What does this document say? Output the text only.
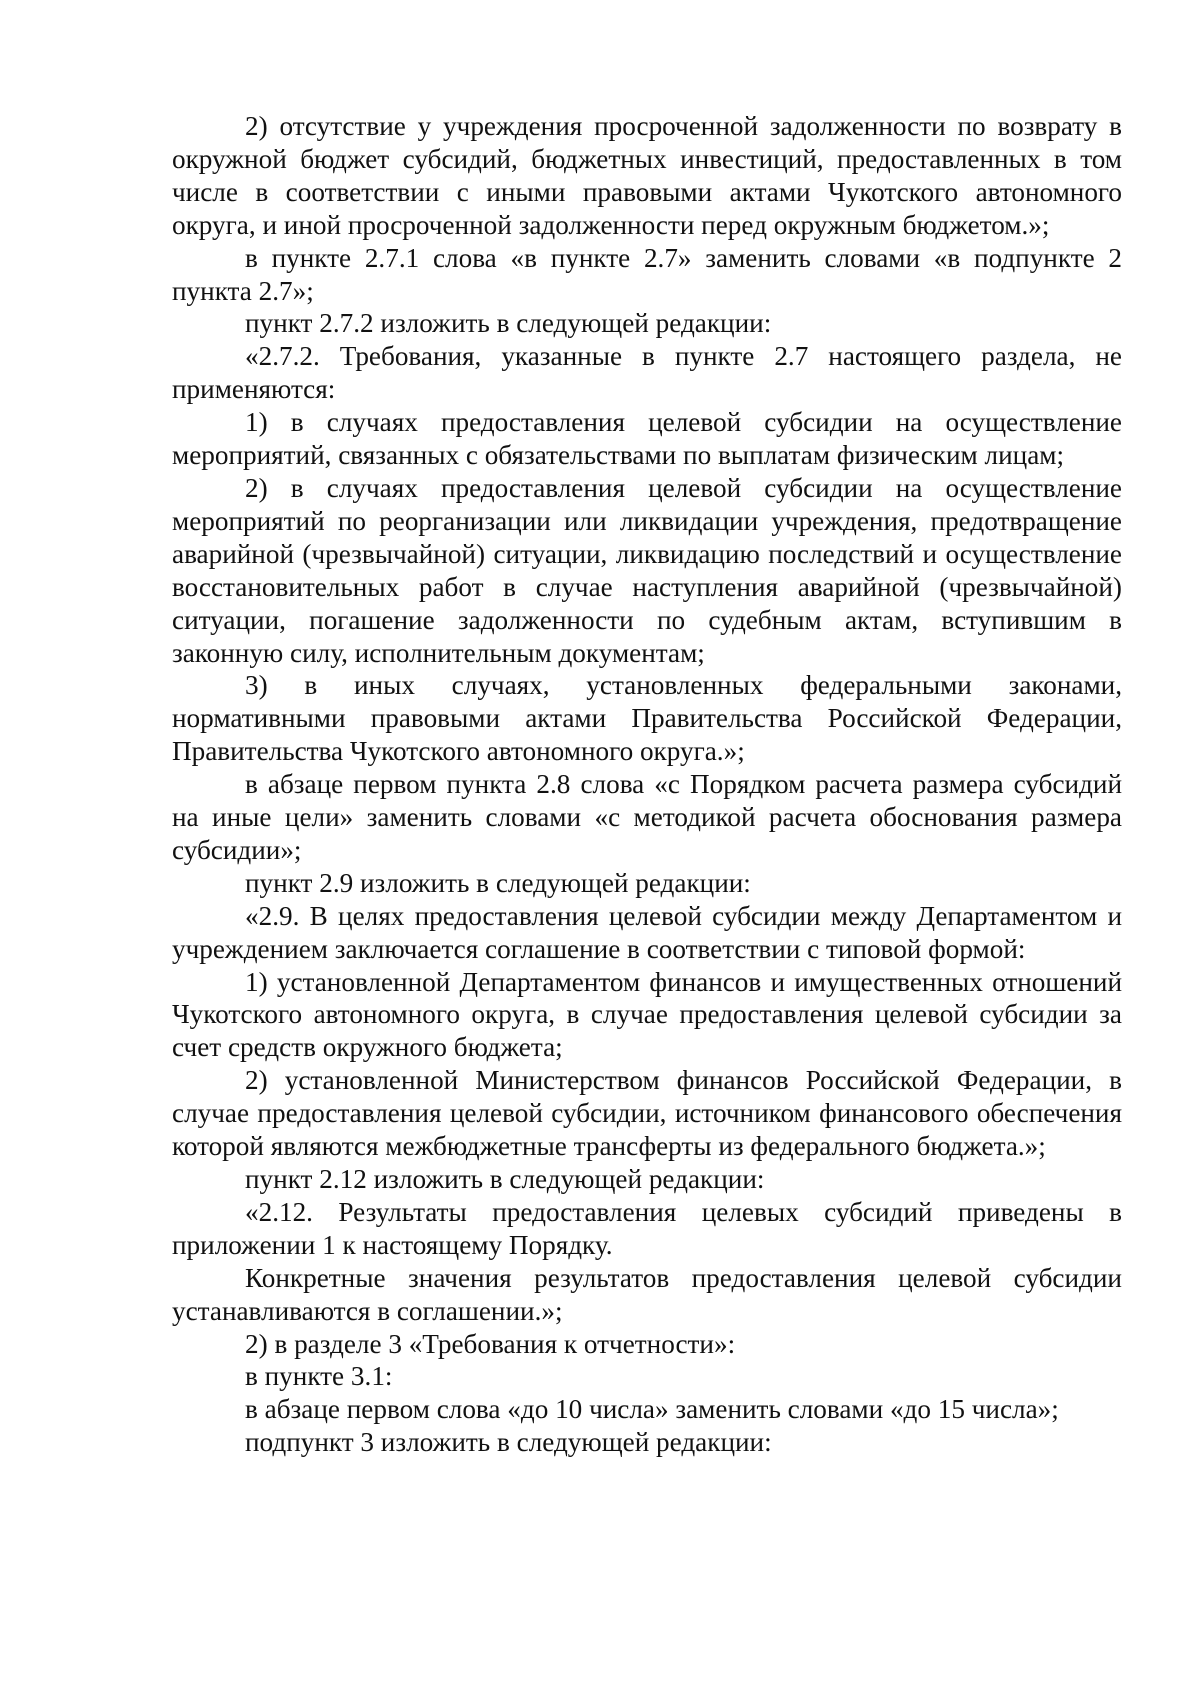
2) отсутствие у учреждения просроченной задолженности по возврату в окружной бюджет субсидий, бюджетных инвестиций, предоставленных в том числе в соответствии с иными правовыми актами Чукотского автономного округа, и иной просроченной задолженности перед окружным бюджетом.»;

в пункте 2.7.1 слова «в пункте 2.7» заменить словами «в подпункте 2 пункта 2.7»;

пункт 2.7.2 изложить в следующей редакции:

«2.7.2. Требования, указанные в пункте 2.7 настоящего раздела, не применяются:

1) в случаях предоставления целевой субсидии на осуществление мероприятий, связанных с обязательствами по выплатам физическим лицам;

2) в случаях предоставления целевой субсидии на осуществление мероприятий по реорганизации или ликвидации учреждения, предотвращение аварийной (чрезвычайной) ситуации, ликвидацию последствий и осуществление восстановительных работ в случае наступления аварийной (чрезвычайной) ситуации, погашение задолженности по судебным актам, вступившим в законную силу, исполнительным документам;

3) в иных случаях, установленных федеральными законами, нормативными правовыми актами Правительства Российской Федерации, Правительства Чукотского автономного округа.»;

в абзаце первом пункта 2.8 слова «с Порядком расчета размера субсидий на иные цели» заменить словами «с методикой расчета обоснования размера субсидии»;

пункт 2.9 изложить в следующей редакции:

«2.9. В целях предоставления целевой субсидии между Департаментом и учреждением заключается соглашение в соответствии с типовой формой:

1) установленной Департаментом финансов и имущественных отношений Чукотского автономного округа, в случае предоставления целевой субсидии за счет средств окружного бюджета;

2) установленной Министерством финансов Российской Федерации, в случае предоставления целевой субсидии, источником финансового обеспечения которой являются межбюджетные трансферты из федерального бюджета.»;

пункт 2.12 изложить в следующей редакции:

«2.12. Результаты предоставления целевых субсидий приведены в приложении 1 к настоящему Порядку.

Конкретные значения результатов предоставления целевой субсидии устанавливаются в соглашении.»;

2) в разделе 3 «Требования к отчетности»:

в пункте 3.1:

в абзаце первом слова «до 10 числа» заменить словами «до 15 числа»;

подпункт 3 изложить в следующей редакции:
